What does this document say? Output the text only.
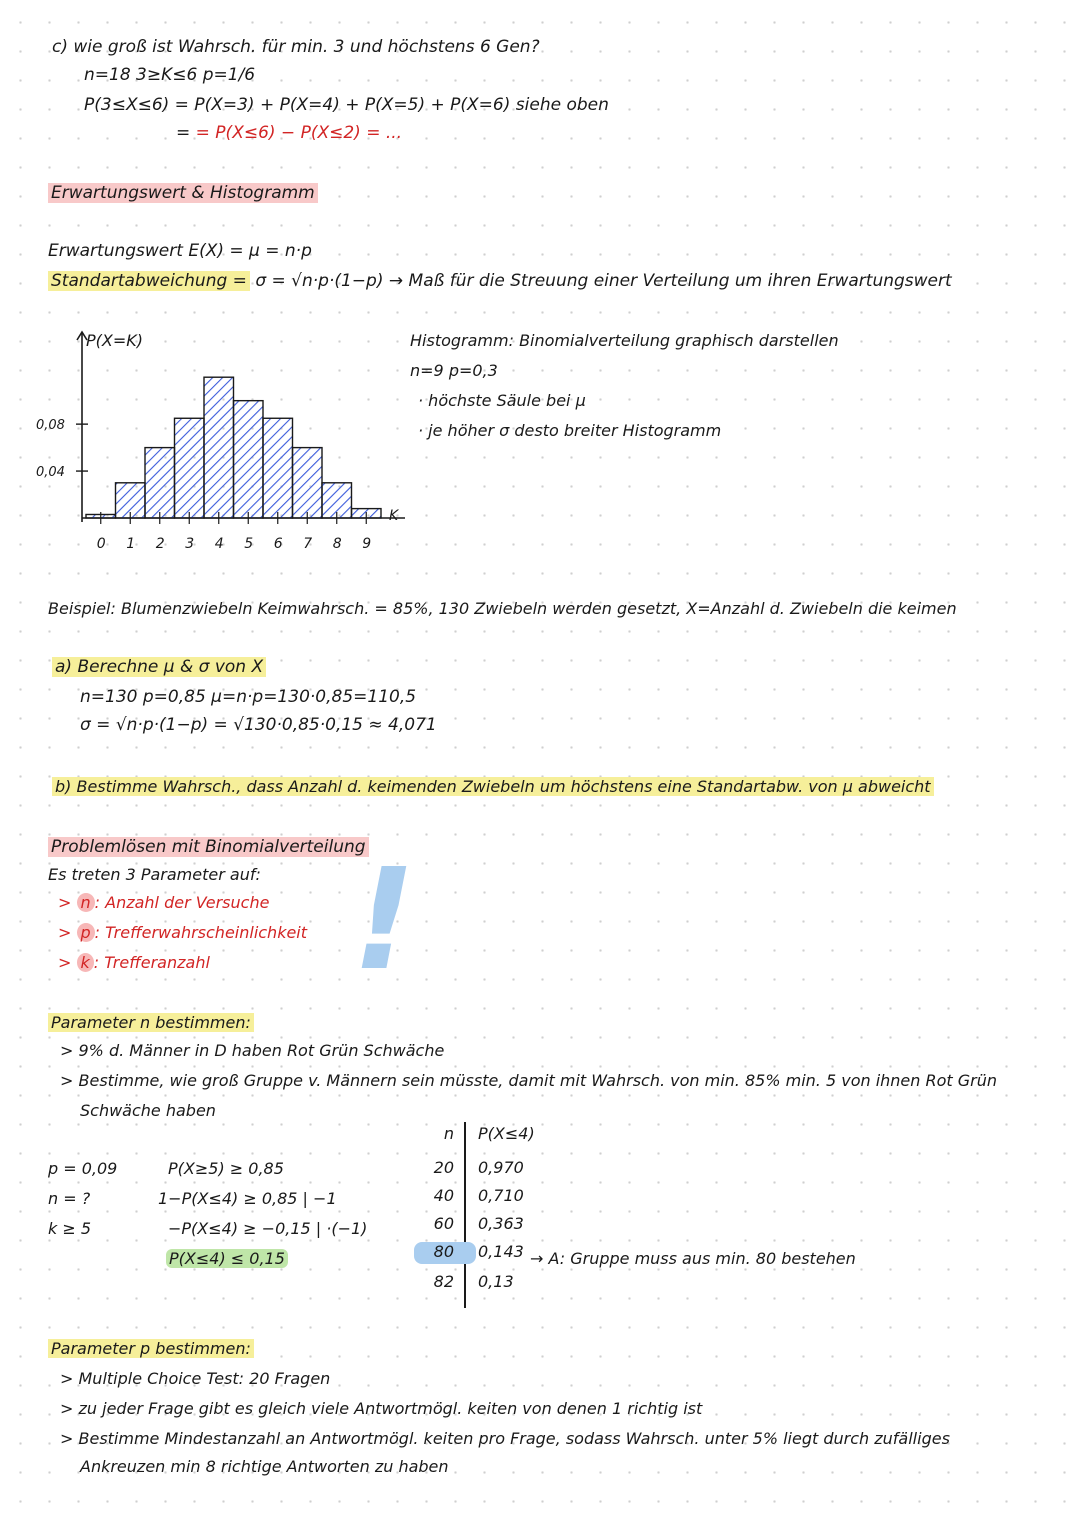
c) wie groß ist Wahrsch. für min. 3 und höchstens 6 Gen?
n=18 3≥K≤6 p=1/6
P(3≤X≤6) = P(X=3) + P(X=4) + P(X=5) + P(X=6) siehe oben
= = P(X≤6) − P(X≤2) = ...
Erwartungswert & Histogramm
Erwartungswert E(X) = μ = n·p
Standartabweichung = σ = √n·p·(1−p) → Maß für die Streuung einer Verteilung um ihren Erwartungswert
0,04
0,08
0 1 2 3 4 5 6 7 8 9
K
P(X=K)	Histogramm: Binomialverteilung graphisch darstellen
n=9 p=0,3
· höchste Säule bei μ
· je höher σ desto breiter Histogramm
Beispiel: Blumenzwiebeln Keimwahrsch. = 85%, 130 Zwiebeln werden gesetzt, X=Anzahl d. Zwiebeln die keimen
a) Berechne μ & σ von X
n=130 p=0,85 μ=n·p=130·0,85=110,5
σ = √n·p·(1−p) = √130·0,85·0,15 ≈ 4,071
b) Bestimme Wahrsch., dass Anzahl d. keimenden Zwiebeln um höchstens eine Standartabw. von μ abweicht
Problemlösen mit Binomialverteilung
Es treten 3 Parameter auf:
> n : Anzahl der Versuche
> p : Trefferwahrscheinlichkeit
> k : Trefferanzahl !
Parameter n bestimmen:
> 9% d. Männer in D haben Rot Grün Schwäche
> Bestimme, wie groß Gruppe v. Männern sein müsste, damit mit Wahrsch. von min. 85% min. 5 von ihnen Rot Grün
Schwäche haben
p = 0,09
n = ?
k ≥ 5
P(X≥5) ≥ 0,85
1−P(X≤4) ≥ 0,85 | −1
−P(X≤4) ≥ −0,15 | ·(−1)
P(X≤4) ≤ 0,15
n P(X≤4)
20 0,970
40 0,710
60 0,363
80 0,143
82 0,13
→ A: Gruppe muss aus min. 80 bestehen
Parameter p bestimmen:
> Multiple Choice Test: 20 Fragen
> zu jeder Frage gibt es gleich viele Antwortmögl. keiten von denen 1 richtig ist
> Bestimme Mindestanzahl an Antwortmögl. keiten pro Frage, sodass Wahrsch. unter 5% liegt durch zufälliges
Ankreuzen min 8 richtige Antworten zu haben
